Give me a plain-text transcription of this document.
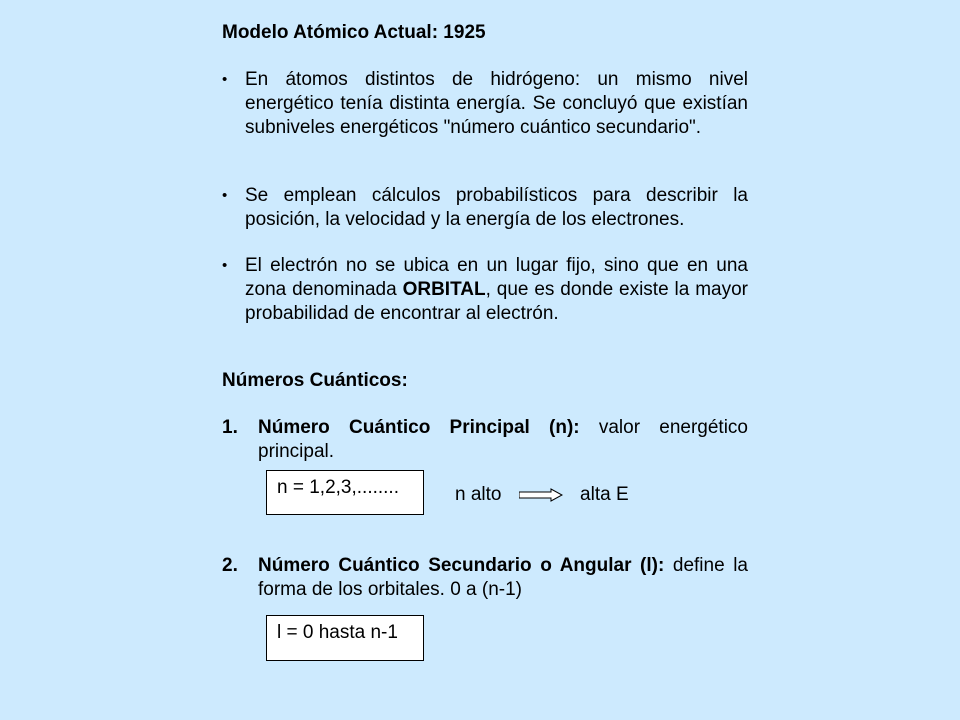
Modelo Atómico Actual: 1925
• En átomos distintos de hidrógeno: un mismo nivel energético tenía distinta energía. Se concluyó que existían subniveles energéticos "número cuántico secundario".

• Se emplean cálculos probabilísticos para describir la posición, la velocidad y la energía de los electrones.

• El electrón no se ubica en un lugar fijo, sino que en una zona denominada ORBITAL, que es donde existe la mayor probabilidad de encontrar al electrón.

Números Cuánticos:
1. Número Cuántico Principal (n): valor energético principal.
n = 1,2,3,........	n alto	alta E
2. Número Cuántico Secundario o Angular (l): define la forma de los orbitales. 0 a (n-1)
l = 0 hasta n-1
